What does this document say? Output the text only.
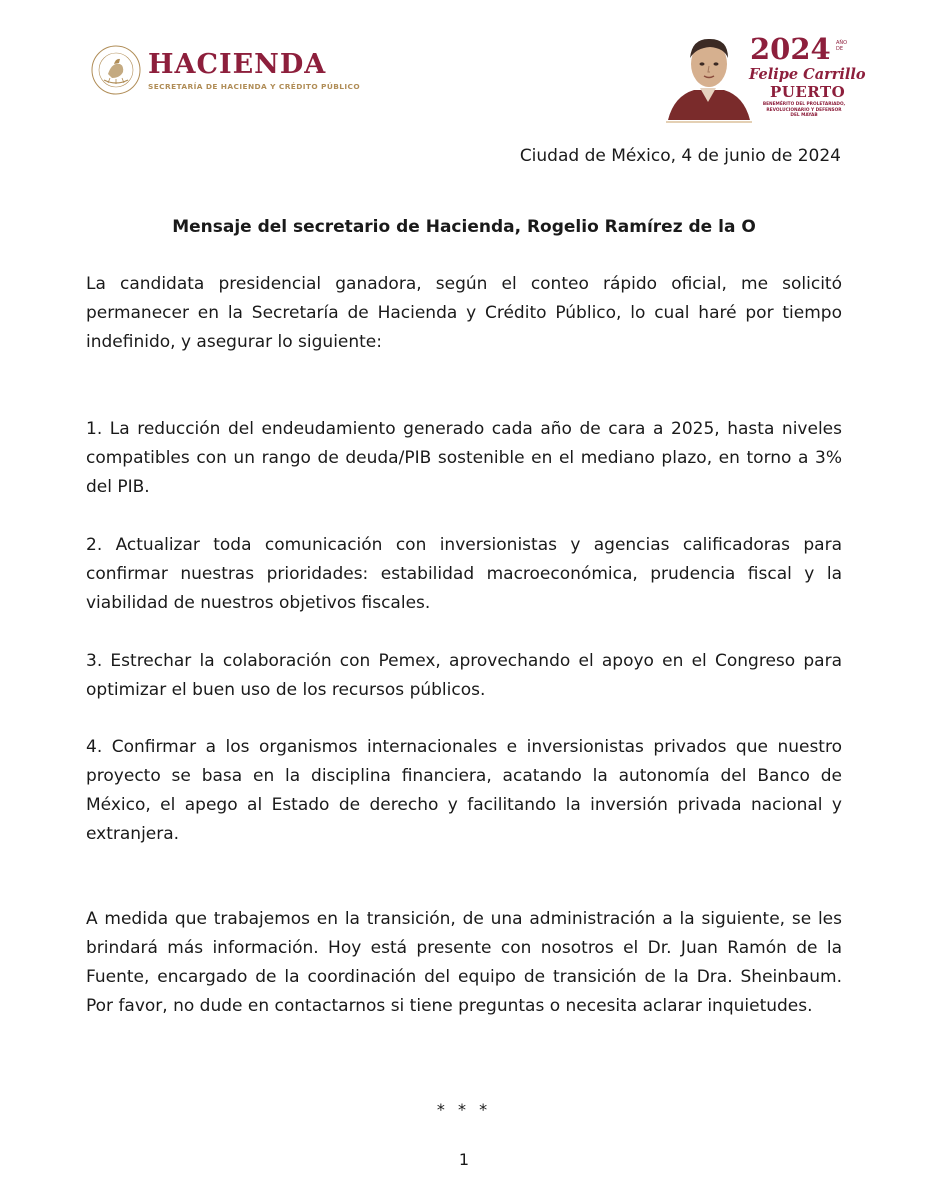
HACIENDA
SECRETARÍA DE HACIENDA Y CRÉDITO PÚBLICO
2024 AÑO DE
Felipe Carrillo
PUERTO
BENEMÉRITO DEL PROLETARIADO,
REVOLUCIONARIO Y DEFENSOR
DEL MAYAB
Ciudad de México, 4 de junio de 2024
Mensaje del secretario de Hacienda, Rogelio Ramírez de la O

La candidata presidencial ganadora, según el conteo rápido oficial, me solicitó permanecer en la Secretaría de Hacienda y Crédito Público, lo cual haré por tiempo indefinido, y asegurar lo siguiente:

1. La reducción del endeudamiento generado cada año de cara a 2025, hasta niveles compatibles con un rango de deuda/PIB sostenible en el mediano plazo, en torno a 3% del PIB.

2. Actualizar toda comunicación con inversionistas y agencias calificadoras para confirmar nuestras prioridades: estabilidad macroeconómica, prudencia fiscal y la viabilidad de nuestros objetivos fiscales.

3. Estrechar la colaboración con Pemex, aprovechando el apoyo en el Congreso para optimizar el buen uso de los recursos públicos.

4. Confirmar a los organismos internacionales e inversionistas privados que nuestro proyecto se basa en la disciplina financiera, acatando la autonomía del Banco de México, el apego al Estado de derecho y facilitando la inversión privada nacional y extranjera.

A medida que trabajemos en la transición, de una administración a la siguiente, se les brindará más información. Hoy está presente con nosotros el Dr. Juan Ramón de la Fuente, encargado de la coordinación del equipo de transición de la Dra. Sheinbaum. Por favor, no dude en contactarnos si tiene preguntas o necesita aclarar inquietudes.

* * *
1
